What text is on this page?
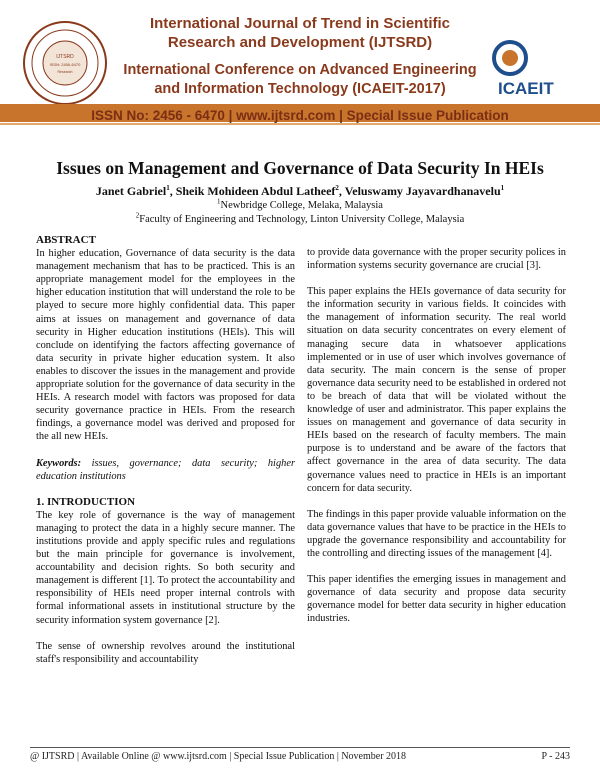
IJTSRD
ISSN: 2456-6470
Research
International Journal of Trend in Scientific
Research and Development (IJTSRD)
International Conference on Advanced Engineering
and Information Technology (ICAEIT-2017)	ICAEIT
ISSN No: 2456 - 6470 | www.ijtsrd.com | Special Issue Publication
Issues on Management and Governance of Data Security In HEIs
Janet Gabriel$^1$, Sheik Mohideen Abdul Latheef$^2$, Veluswamy Jayavardhanavelu$^1$
$^1$Newbridge College, Melaka, Malaysia
$^2$Faculty of Engineering and Technology, Linton University College, Malaysia

ABSTRACT

In higher education, Governance of data security is the data management mechanism that has to be practiced. This is an appropriate management model for the employees in the higher education institution that will understand the role to be played to secure more highly confidential data. This paper aims at issues on management and governance of data security in Higher education institutions (HEIs). This will conclude on identifying the factors affecting governance of data security in private higher education system. It also enables to discover the issues in the management and provide appropriate solution for the governance of data security in the HEIs. A research model with factors was proposed for data security governance practice in HEIs. From the research findings, a governance model was derived and proposed for the all new HEIs.

Keywords: issues, governance; data security; higher education institutions

1. INTRODUCTION

The key role of governance is the way of management managing to protect the data in a highly secure manner. The institutions provide and apply specific rules and regulations but the main principle for governance is involvement, accountability and decision rights. So both security and management is different [1]. To protect the accountability and responsibility of HEIs need proper internal controls with formal informational assets in institutional structure by the security information system governance [2].

The sense of ownership revolves around the institutional staff's responsibility and accountability

to provide data governance with the proper security polices in information systems security governance are crucial [3].

This paper explains the HEIs governance of data security for the information security in various fields. It coincides with the management of information security. The real world situation on data security concentrates on every element of managing secure data in whatsoever applications implemented or in use of user which involves governance of data security. The main concern is the sense of proper governance data security need to be established in ordered not to be breach of data that will be violated without the knowledge of user and administrator. This paper explains the issues on management and governance of data security in HEIs based on the research of faculty members. The main purpose is to understand and be aware of the factors that affect governance in the area of data security. The data governance values need to practice in HEIs is an important concern for data security.

The findings in this paper provide valuable information on the data governance values that have to be practice in the HEIs to upgrade the governance responsibility and accountability for the controlling and directing issues of the management [4].

This paper identifies the emerging issues in management and governance of data security and propose data security governance model for better data security in higher education industries.

@ IJTSRD | Available Online @ www.ijtsrd.com | Special Issue Publication | November 2018	P - 243
